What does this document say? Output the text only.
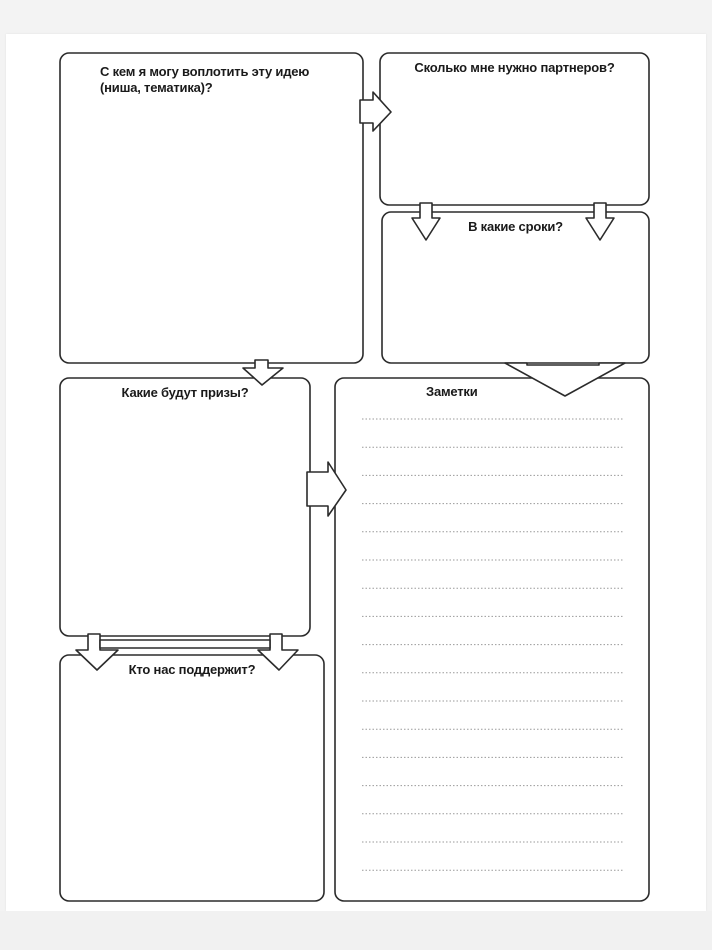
С кем я могу воплотить эту идею (ниша, тематика)?
Сколько мне нужно партнеров?
В какие сроки?
Какие будут призы?	Заметки
Кто нас поддержит?
